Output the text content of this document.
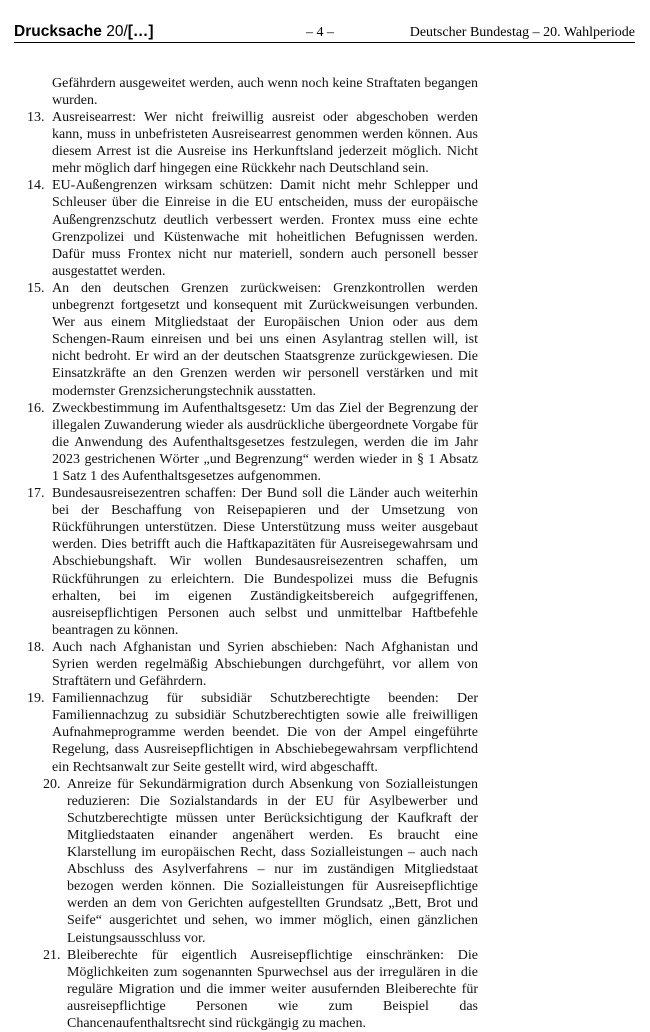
Drucksache 20/[…]	– 4 –	Deutscher Bundestag – 20. Wahlperiode
Gefährdern ausgeweitet werden, auch wenn noch keine Straftaten begangen wurden.
13. Ausreisearrest: Wer nicht freiwillig ausreist oder abgeschoben werden kann, muss in unbefristeten Ausreisearrest genommen werden können. Aus diesem Arrest ist die Ausreise ins Herkunftsland jederzeit möglich. Nicht mehr möglich darf hingegen eine Rückkehr nach Deutschland sein.
14. EU-Außengrenzen wirksam schützen: Damit nicht mehr Schlepper und Schleuser über die Einreise in die EU entscheiden, muss der europäische Außengrenzschutz deutlich verbessert werden. Frontex muss eine echte Grenzpolizei und Küstenwache mit hoheitlichen Befugnissen werden. Dafür muss Frontex nicht nur materiell, sondern auch personell besser ausgestattet werden.
15. An den deutschen Grenzen zurückweisen: Grenzkontrollen werden unbegrenzt fortgesetzt und konsequent mit Zurückweisungen verbunden. Wer aus einem Mitgliedstaat der Europäischen Union oder aus dem Schengen-Raum einreisen und bei uns einen Asylantrag stellen will, ist nicht bedroht. Er wird an der deutschen Staatsgrenze zurückgewiesen. Die Einsatzkräfte an den Grenzen werden wir personell verstärken und mit modernster Grenzsicherungstechnik ausstatten.
16. Zweckbestimmung im Aufenthaltsgesetz: Um das Ziel der Begrenzung der illegalen Zuwanderung wieder als ausdrückliche übergeordnete Vorgabe für die Anwendung des Aufenthaltsgesetzes festzulegen, werden die im Jahr 2023 gestrichenen Wörter „und Begrenzung“ werden wieder in § 1 Absatz 1 Satz 1 des Aufenthaltsgesetzes aufgenommen.
17. Bundesausreisezentren schaffen: Der Bund soll die Länder auch weiterhin bei der Beschaffung von Reisepapieren und der Umsetzung von Rückführungen unterstützen. Diese Unterstützung muss weiter ausgebaut werden. Dies betrifft auch die Haftkapazitäten für Ausreisegewahrsam und Abschiebungshaft. Wir wollen Bundesausreisezentren schaffen, um Rückführungen zu erleichtern. Die Bundespolizei muss die Befugnis erhalten, bei im eigenen Zuständigkeitsbereich aufgegriffenen, ausreisepflichtigen Personen auch selbst und unmittelbar Haftbefehle beantragen zu können.
18. Auch nach Afghanistan und Syrien abschieben: Nach Afghanistan und Syrien werden regelmäßig Abschiebungen durchgeführt, vor allem von Straftätern und Gefährdern.
19. Familiennachzug für subsidiär Schutzberechtigte beenden: Der Familiennachzug zu subsidiär Schutzberechtigten sowie alle freiwilligen Aufnahmeprogramme werden beendet. Die von der Ampel eingeführte Regelung, dass Ausreisepflichtigen in Abschiebegewahrsam verpflichtend ein Rechtsanwalt zur Seite gestellt wird, wird abgeschafft.
20. Anreize für Sekundärmigration durch Absenkung von Sozialleistungen reduzieren: Die Sozialstandards in der EU für Asylbewerber und Schutzberechtigte müssen unter Berücksichtigung der Kaufkraft der Mitgliedstaaten einander angenähert werden. Es braucht eine Klarstellung im europäischen Recht, dass Sozialleistungen – auch nach Abschluss des Asylverfahrens – nur im zuständigen Mitgliedstaat bezogen werden können. Die Sozialleistungen für Ausreisepflichtige werden an dem von Gerichten aufgestellten Grundsatz „Bett, Brot und Seife“ ausgerichtet und sehen, wo immer möglich, einen gänzlichen Leistungsausschluss vor.
21. Bleiberechte für eigentlich Ausreisepflichtige einschränken: Die Möglichkeiten zum sogenannten Spurwechsel aus der irregulären in die reguläre Migration und die immer weiter ausufernden Bleiberechte für ausreisepflichtige Personen wie zum Beispiel das Chancenaufenthaltsrecht sind rückgängig zu machen.
